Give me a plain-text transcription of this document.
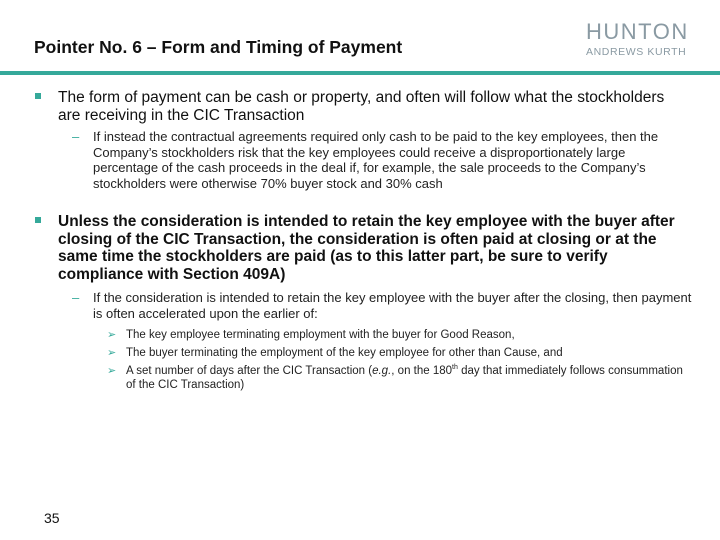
Pointer No. 6 – Form and Timing of Payment
HUNTON
ANDREWS KURTH
The form of payment can be cash or property, and often will follow what the stockholders are receiving in the CIC Transaction
– If instead the contractual agreements required only cash to be paid to the key employees, then the Company’s stockholders risk that the key employees could receive a disproportionately large percentage of the cash proceeds in the deal if, for example, the sale proceeds to the Company’s stockholders were otherwise 70% buyer stock and 30% cash
Unless the consideration is intended to retain the key employee with the buyer after closing of the CIC Transaction, the consideration is often paid at closing or at the same time the stockholders are paid (as to this latter part, be sure to verify compliance with Section 409A)
– If the consideration is intended to retain the key employee with the buyer after the closing, then payment is often accelerated upon the earlier of:
➢ The key employee terminating employment with the buyer for Good Reason,
➢ The buyer terminating the employment of the key employee for other than Cause, and
➢ A set number of days after the CIC Transaction (e.g., on the 180th day that immediately follows consummation of the CIC Transaction)
35
